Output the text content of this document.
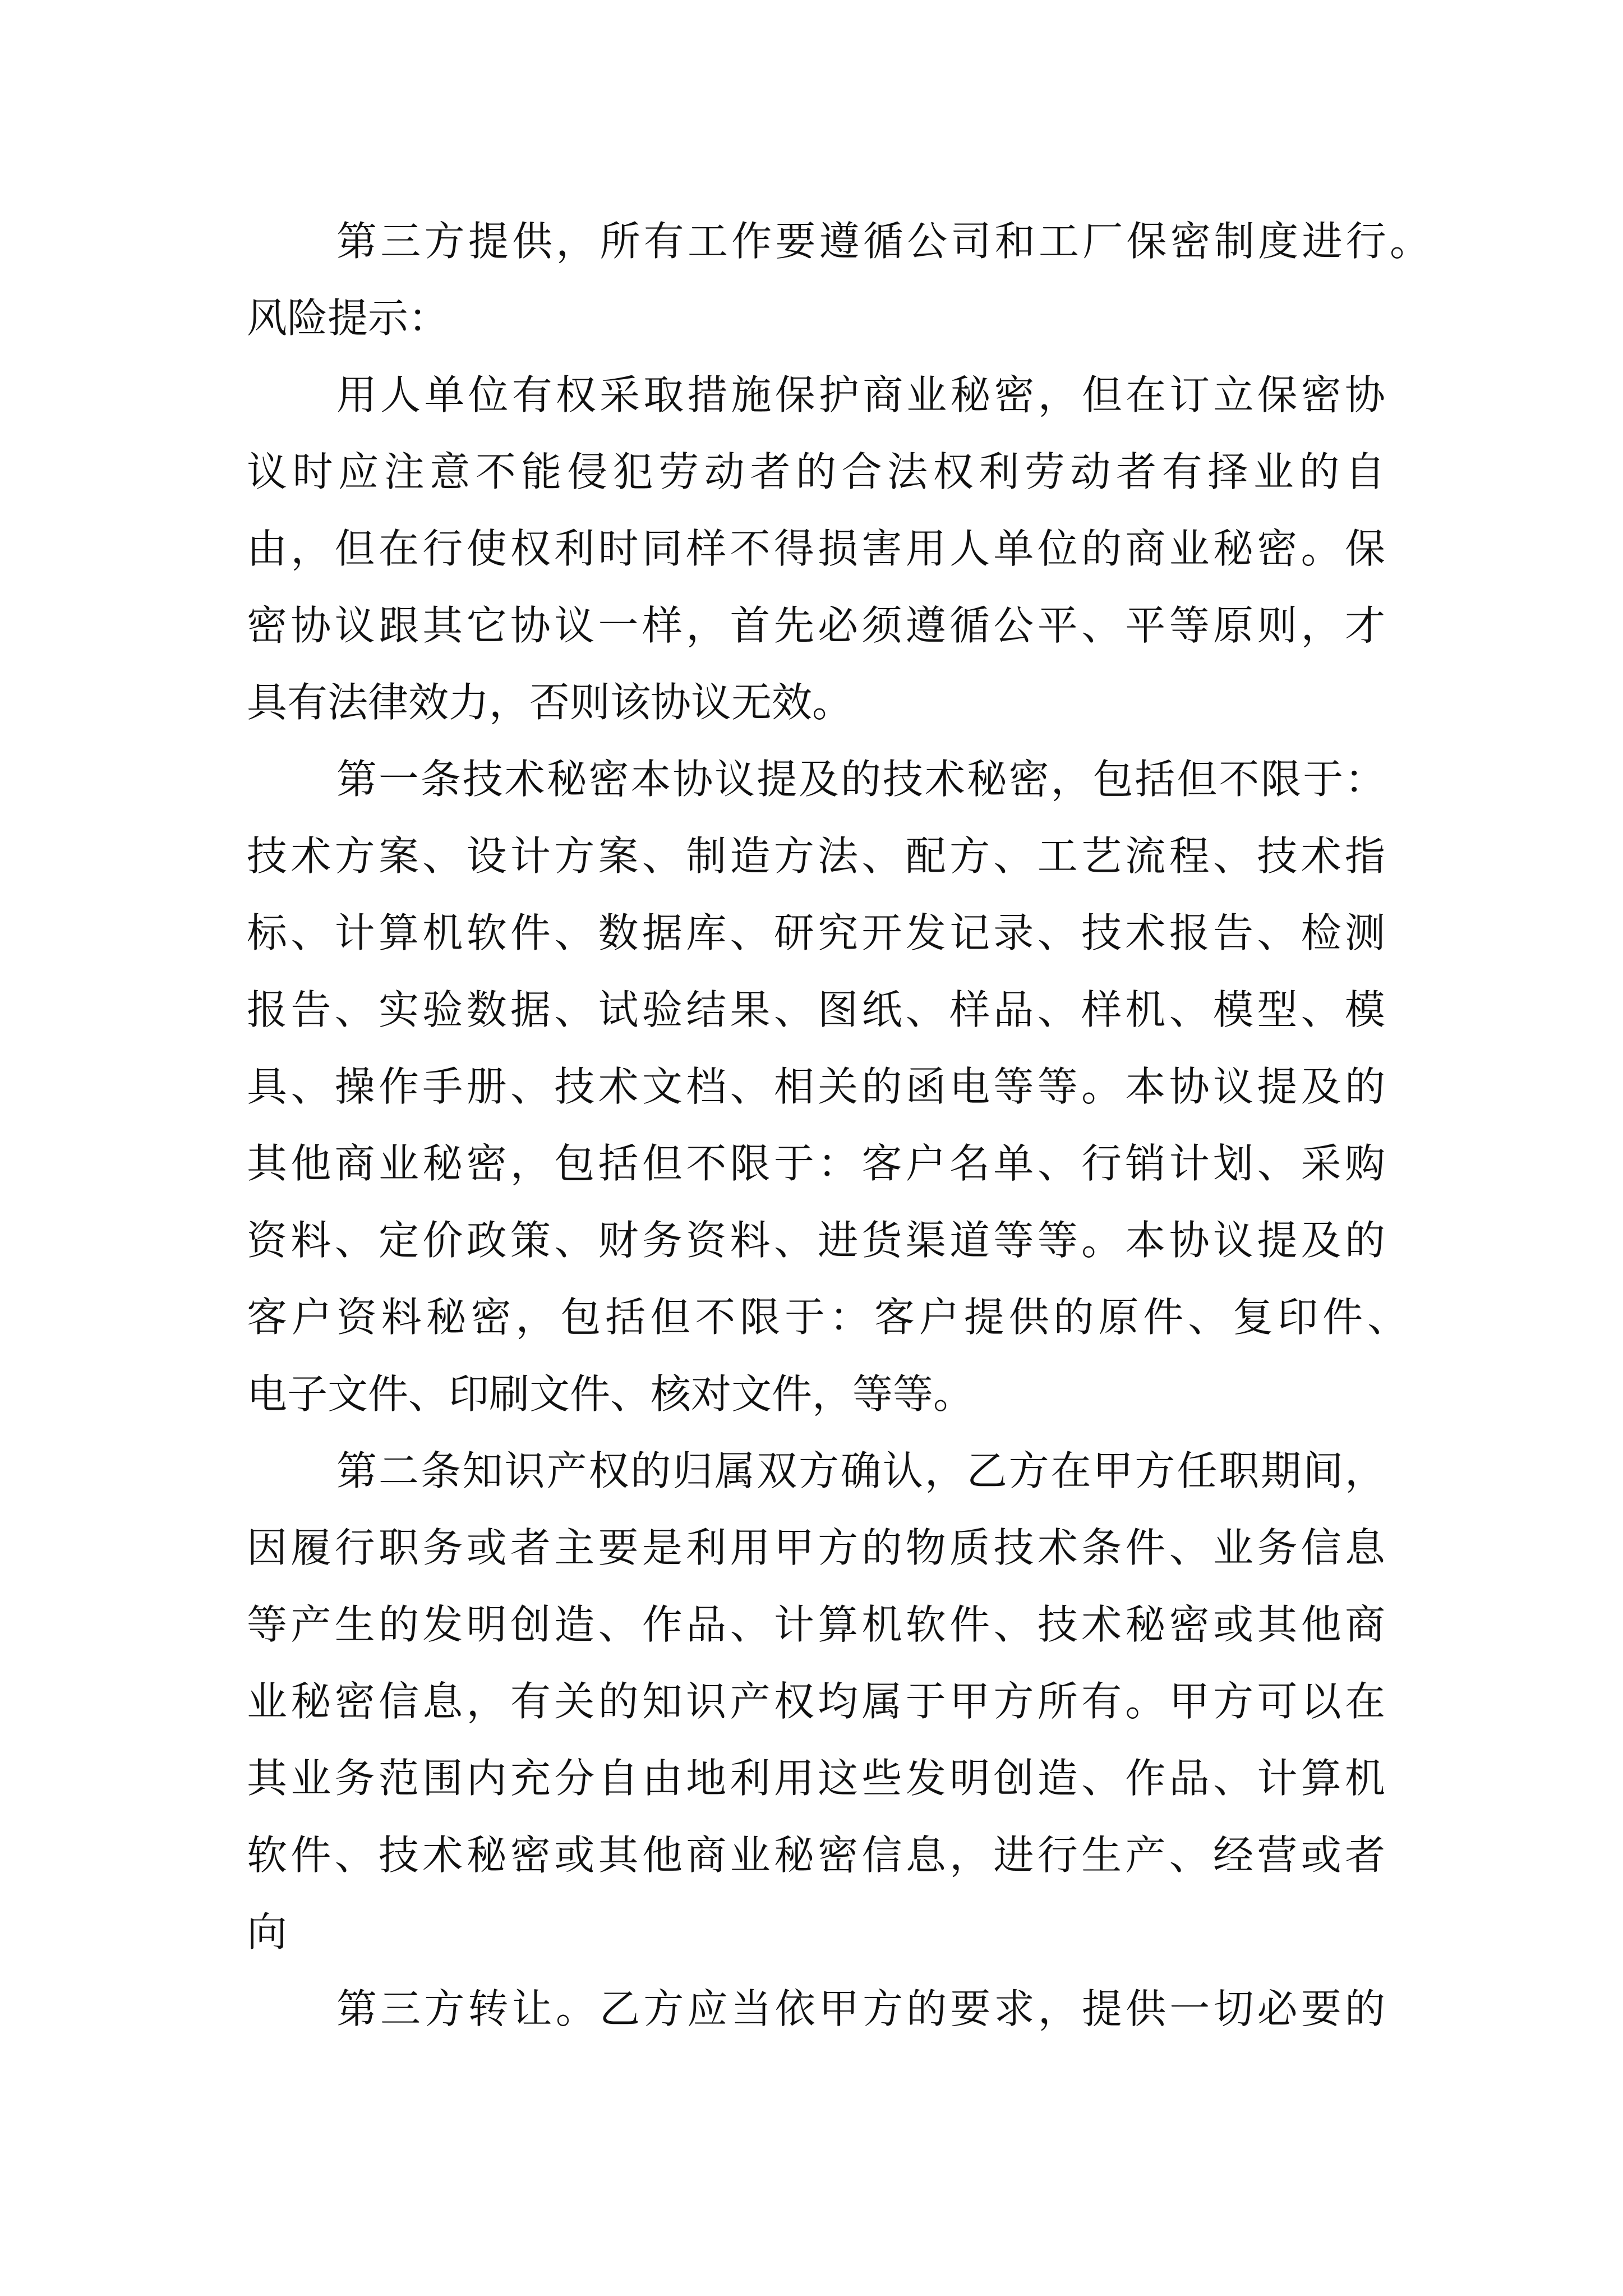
第三方提供，所有工作要遵循公司和工厂保密制度进行。
风险提示：
用人单位有权采取措施保护商业秘密，但在订立保密协
议时应注意不能侵犯劳动者的合法权利劳动者有择业的自
由，但在行使权利时同样不得损害用人单位的商业秘密。保
密协议跟其它协议一样，首先必须遵循公平、平等原则，才
具有法律效力，否则该协议无效。
第一条技术秘密本协议提及的技术秘密，包括但不限于：
技术方案、设计方案、制造方法、配方、工艺流程、技术指
标、计算机软件、数据库、研究开发记录、技术报告、检测
报告、实验数据、试验结果、图纸、样品、样机、模型、模
具、操作手册、技术文档、相关的函电等等。本协议提及的
其他商业秘密，包括但不限于：客户名单、行销计划、采购
资料、定价政策、财务资料、进货渠道等等。本协议提及的
客户资料秘密，包括但不限于：客户提供的原件、复印件、
电子文件、印刷文件、核对文件，等等。
第二条知识产权的归属双方确认，乙方在甲方任职期间，
因履行职务或者主要是利用甲方的物质技术条件、业务信息
等产生的发明创造、作品、计算机软件、技术秘密或其他商
业秘密信息，有关的知识产权均属于甲方所有。甲方可以在
其业务范围内充分自由地利用这些发明创造、作品、计算机
软件、技术秘密或其他商业秘密信息，进行生产、经营或者
向
第三方转让。乙方应当依甲方的要求，提供一切必要的
